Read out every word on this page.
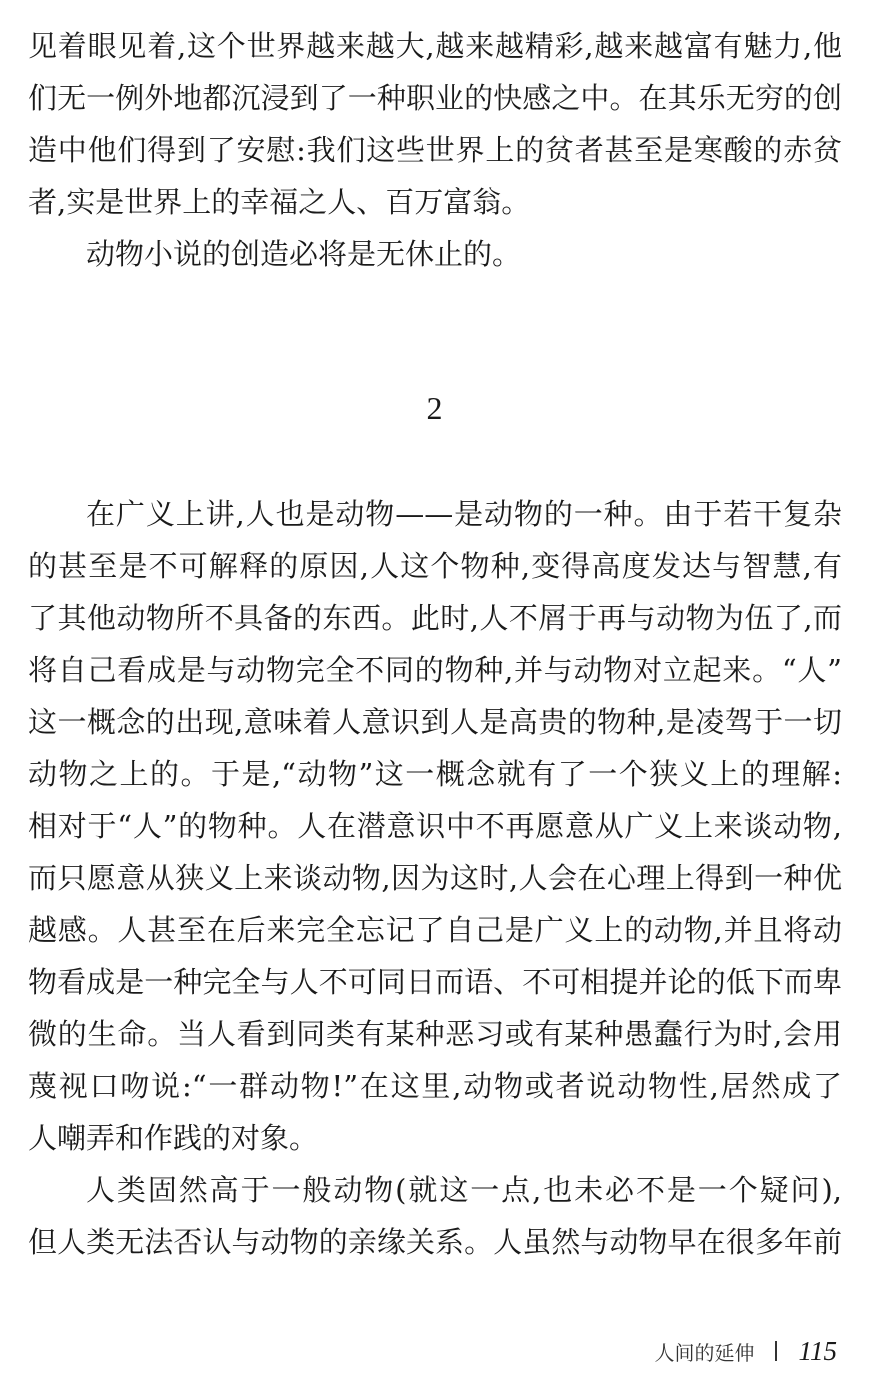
见着眼见着,这个世界越来越大,越来越精彩,越来越富有魅力,他
们无一例外地都沉浸到了一种职业的快感之中。在其乐无穷的创
造中他们得到了安慰:我们这些世界上的贫者甚至是寒酸的赤贫
者,实是世界上的幸福之人、百万富翁。
动物小说的创造必将是无休止的。
2
在广义上讲,人也是动物——是动物的一种。由于若干复杂
的甚至是不可解释的原因,人这个物种,变得高度发达与智慧,有
了其他动物所不具备的东西。此时,人不屑于再与动物为伍了,而
将自己看成是与动物完全不同的物种,并与动物对立起来。“人”
这一概念的出现,意味着人意识到人是高贵的物种,是凌驾于一切
动物之上的。于是,“动物”这一概念就有了一个狭义上的理解:
相对于“人”的物种。人在潜意识中不再愿意从广义上来谈动物,
而只愿意从狭义上来谈动物,因为这时,人会在心理上得到一种优
越感。人甚至在后来完全忘记了自己是广义上的动物,并且将动
物看成是一种完全与人不可同日而语、不可相提并论的低下而卑
微的生命。当人看到同类有某种恶习或有某种愚蠢行为时,会用
蔑视口吻说:“一群动物!”在这里,动物或者说动物性,居然成了
人嘲弄和作践的对象。
人类固然高于一般动物(就这一点,也未必不是一个疑问),
但人类无法否认与动物的亲缘关系。人虽然与动物早在很多年前
人间的延伸 115
